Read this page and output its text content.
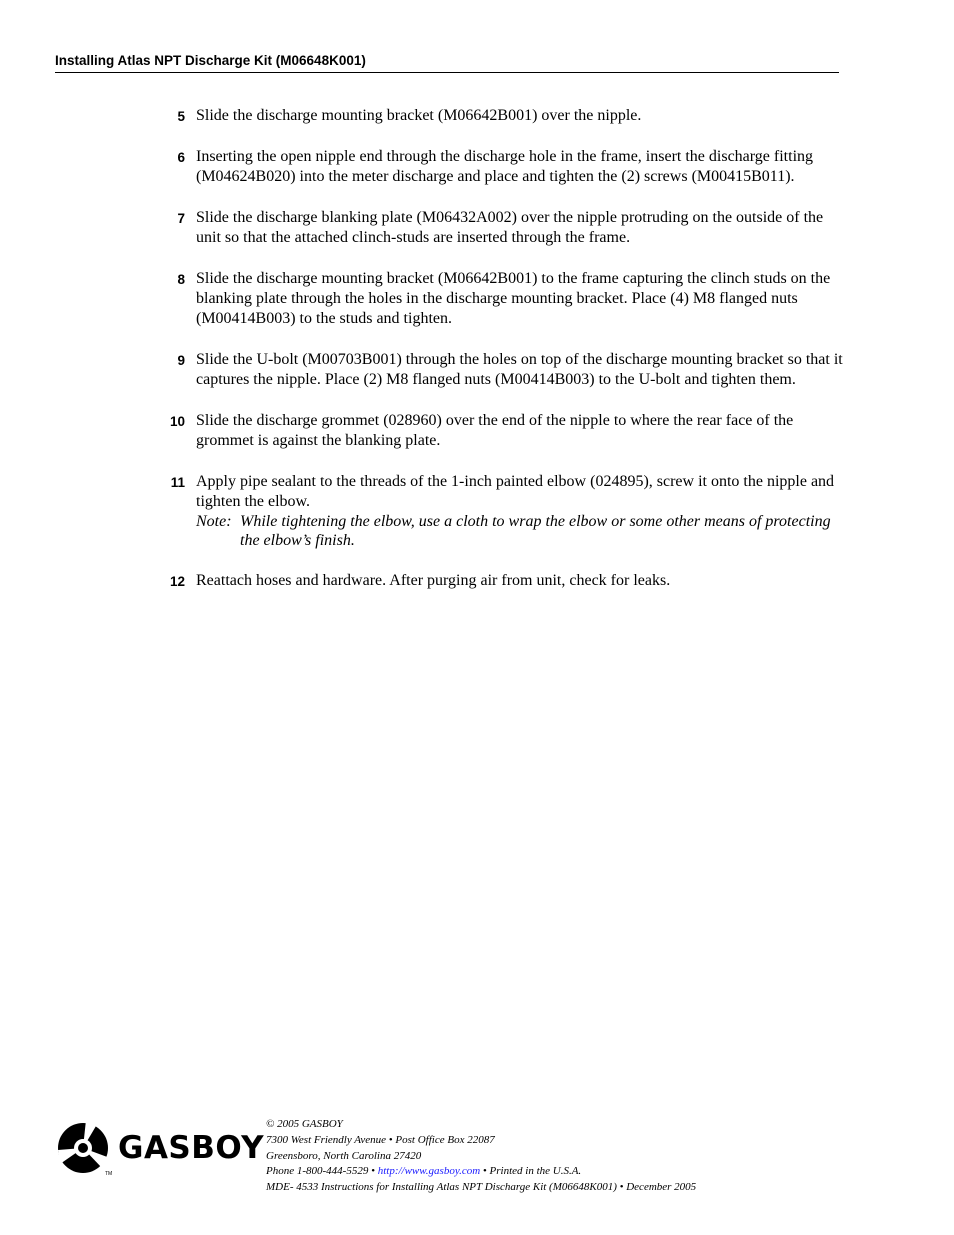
Installing Atlas NPT Discharge Kit (M06648K001)
5 Slide the discharge mounting bracket (M06642B001) over the nipple.
6 Inserting the open nipple end through the discharge hole in the frame, insert the discharge fitting (M04624B020) into the meter discharge and place and tighten the (2) screws (M00415B011).
7 Slide the discharge blanking plate (M06432A002) over the nipple protruding on the outside of the unit so that the attached clinch-studs are inserted through the frame.
8 Slide the discharge mounting bracket (M06642B001) to the frame capturing the clinch studs on the blanking plate through the holes in the discharge mounting bracket. Place (4) M8 flanged nuts (M00414B003) to the studs and tighten.
9 Slide the U-bolt (M00703B001) through the holes on top of the discharge mounting bracket so that it captures the nipple. Place (2) M8 flanged nuts (M00414B003) to the U-bolt and tighten them.
10 Slide the discharge grommet (028960) over the end of the nipple to where the rear face of the grommet is against the blanking plate.
11 Apply pipe sealant to the threads of the 1-inch painted elbow (024895), screw it onto the nipple and tighten the elbow.
Note: While tightening the elbow, use a cloth to wrap the elbow or some other means of protecting the elbow’s finish.
12 Reattach hoses and hardware. After purging air from unit, check for leaks.
GASBOY
TM
© 2005 GASBOY
7300 West Friendly Avenue • Post Office Box 22087
Greensboro, North Carolina 27420
Phone 1-800-444-5529 • http://www.gasboy.com • Printed in the U.S.A.
MDE- 4533 Instructions for Installing Atlas NPT Discharge Kit (M06648K001) • December 2005
